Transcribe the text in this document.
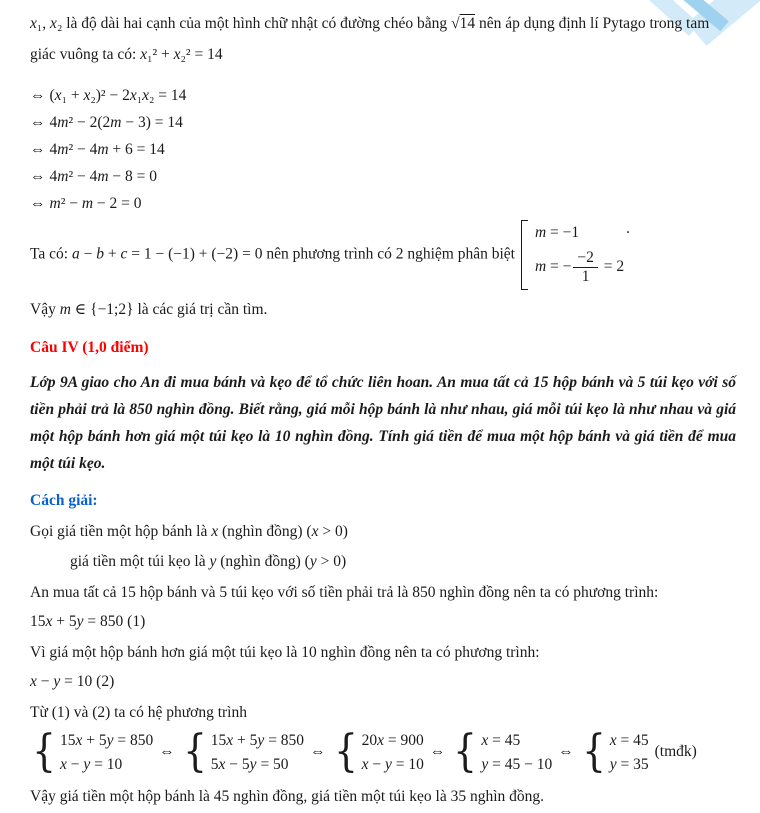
x₁, x₂ là độ dài hai cạnh của một hình chữ nhật có đường chéo bằng √14 nên áp dụng định lí Pytago trong tam giác vuông ta có: x₁² + x₂² = 14

⇔ (x₁ + x₂)² − 2x₁x₂ = 14
⇔ 4m² − 2(2m − 3) = 14
⇔ 4m² − 4m + 6 = 14
⇔ 4m² − 4m − 8 = 0
⇔ m² − m − 2 = 0
Ta có: a − b + c = 1 − (−1) + (−2) = 0 nên phương trình có 2 nghiệm phân biệt
m = −1
m = − $\frac{-2}{1} = 2$
.

Vậy m ∈ {−1;2} là các giá trị cần tìm.

Câu IV (1,0 điểm)

Lớp 9A giao cho An đi mua bánh và kẹo để tổ chức liên hoan. An mua tất cả 15 hộp bánh và 5 túi kẹo với số tiền phải trả là 850 nghìn đồng. Biết rằng, giá mỗi hộp bánh là như nhau, giá mỗi túi kẹo là như nhau và giá một hộp bánh hơn giá một túi kẹo là 10 nghìn đồng. Tính giá tiền để mua một hộp bánh và giá tiền để mua một túi kẹo.

Cách giải:

Gọi giá tiền một hộp bánh là x (nghìn đồng) (x > 0)

giá tiền một túi kẹo là y (nghìn đồng) (y > 0)

An mua tất cả 15 hộp bánh và 5 túi kẹo với số tiền phải trả là 850 nghìn đồng nên ta có phương trình:

15x + 5y = 850 (1)

Vì giá một hộp bánh hơn giá một túi kẹo là 10 nghìn đồng nên ta có phương trình:

x − y = 10 (2)

Từ (1) và (2) ta có hệ phương trình

{ 15x + 5y = 850
x − y = 10
⇔ { 15x + 5y = 850
5x − 5y = 50
⇔ { 20x = 900
x − y = 10
⇔ { x = 45
y = 45 − 10
⇔ { x = 45
y = 35
(tmđk)

Vậy giá tiền một hộp bánh là 45 nghìn đồng, giá tiền một túi kẹo là 35 nghìn đồng.
